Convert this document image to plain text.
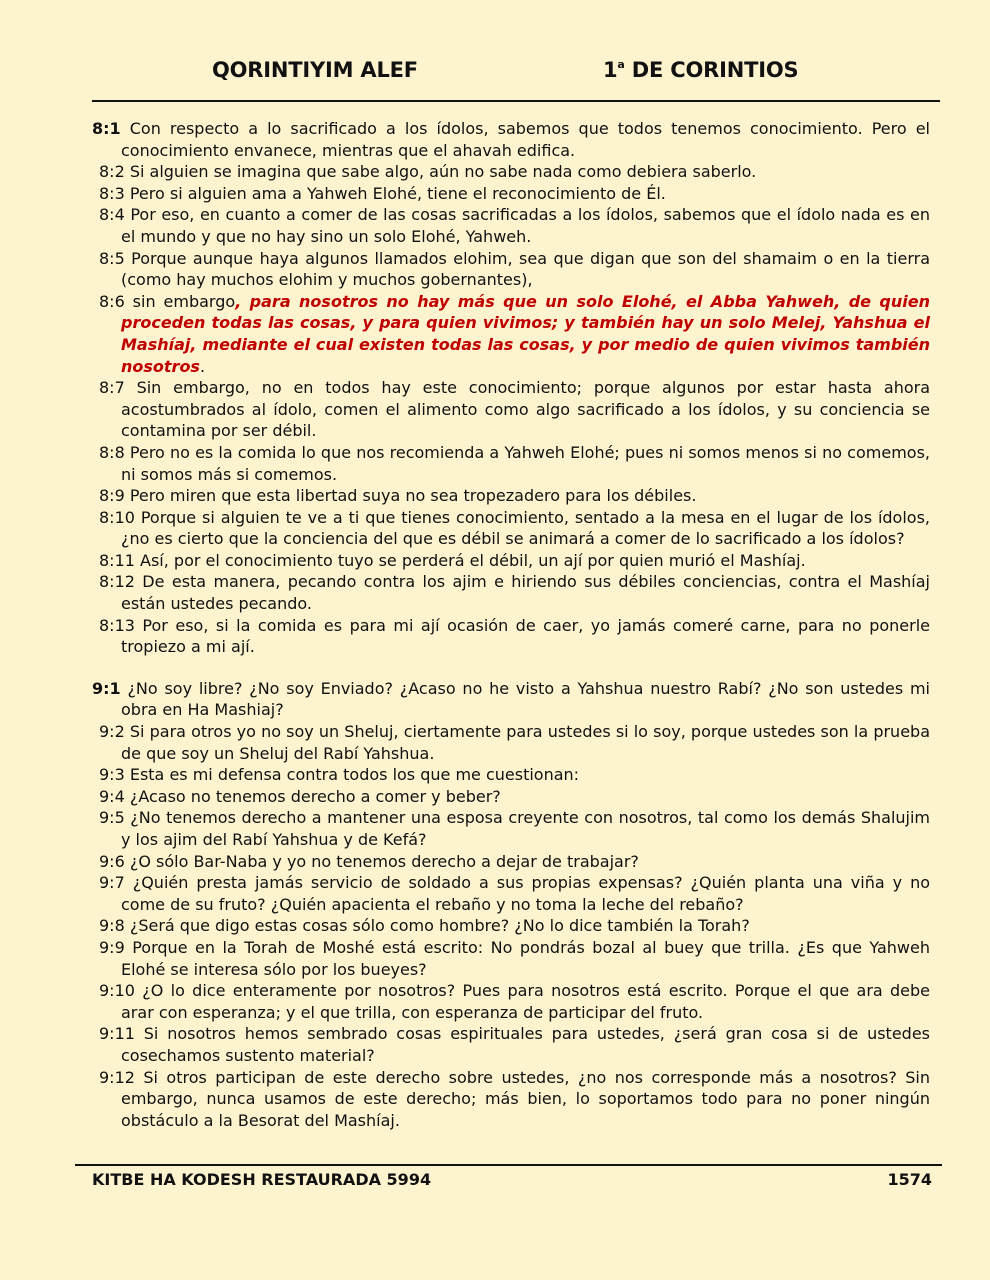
QORINTIYIM ALEF	1$^a$ DE CORINTIOS
8:1 Con respecto a lo sacrificado a los ídolos, sabemos que todos tenemos conocimiento. Pero el conocimiento envanece, mientras que el ahavah edifica.
8:2 Si alguien se imagina que sabe algo, aún no sabe nada como debiera saberlo.
8:3 Pero si alguien ama a Yahweh Elohé, tiene el reconocimiento de Él.
8:4 Por eso, en cuanto a comer de las cosas sacrificadas a los ídolos, sabemos que el ídolo nada es en el mundo y que no hay sino un solo Elohé, Yahweh.
8:5 Porque aunque haya algunos llamados elohim, sea que digan que son del shamaim o en la tierra (como hay muchos elohim y muchos gobernantes),
8:6 sin embargo, para nosotros no hay más que un solo Elohé, el Abba Yahweh, de quien proceden todas las cosas, y para quien vivimos; y también hay un solo Melej, Yahshua el Mashíaj, mediante el cual existen todas las cosas, y por medio de quien vivimos también nosotros.
8:7 Sin embargo, no en todos hay este conocimiento; porque algunos por estar hasta ahora acostumbrados al ídolo, comen el alimento como algo sacrificado a los ídolos, y su conciencia se contamina por ser débil.
8:8 Pero no es la comida lo que nos recomienda a Yahweh Elohé; pues ni somos menos si no comemos, ni somos más si comemos.
8:9 Pero miren que esta libertad suya no sea tropezadero para los débiles.
8:10 Porque si alguien te ve a ti que tienes conocimiento, sentado a la mesa en el lugar de los ídolos, ¿no es cierto que la conciencia del que es débil se animará a comer de lo sacrificado a los ídolos?
8:11 Así, por el conocimiento tuyo se perderá el débil, un ají por quien murió el Mashíaj.
8:12 De esta manera, pecando contra los ajim e hiriendo sus débiles conciencias, contra el Mashíaj están ustedes pecando.
8:13 Por eso, si la comida es para mi ají ocasión de caer, yo jamás comeré carne, para no ponerle tropiezo a mi ají.
9:1 ¿No soy libre? ¿No soy Enviado? ¿Acaso no he visto a Yahshua nuestro Rabí? ¿No son ustedes mi obra en Ha Mashiaj?
9:2 Si para otros yo no soy un Sheluj, ciertamente para ustedes si lo soy, porque ustedes son la prueba de que soy un Sheluj del Rabí Yahshua.
9:3 Esta es mi defensa contra todos los que me cuestionan:
9:4 ¿Acaso no tenemos derecho a comer y beber?
9:5 ¿No tenemos derecho a mantener una esposa creyente con nosotros, tal como los demás Shalujim y los ajim del Rabí Yahshua y de Kefá?
9:6 ¿O sólo Bar-Naba y yo no tenemos derecho a dejar de trabajar?
9:7 ¿Quién presta jamás servicio de soldado a sus propias expensas? ¿Quién planta una viña y no come de su fruto? ¿Quién apacienta el rebaño y no toma la leche del rebaño?
9:8 ¿Será que digo estas cosas sólo como hombre? ¿No lo dice también la Torah?
9:9 Porque en la Torah de Moshé está escrito: No pondrás bozal al buey que trilla. ¿Es que Yahweh Elohé se interesa sólo por los bueyes?
9:10 ¿O lo dice enteramente por nosotros? Pues para nosotros está escrito. Porque el que ara debe arar con esperanza; y el que trilla, con esperanza de participar del fruto.
9:11 Si nosotros hemos sembrado cosas espirituales para ustedes, ¿será gran cosa si de ustedes cosechamos sustento material?
9:12 Si otros participan de este derecho sobre ustedes, ¿no nos corresponde más a nosotros? Sin embargo, nunca usamos de este derecho; más bien, lo soportamos todo para no poner ningún obstáculo a la Besorat del Mashíaj.
KITBE HA KODESH RESTAURADA 5994	1574
